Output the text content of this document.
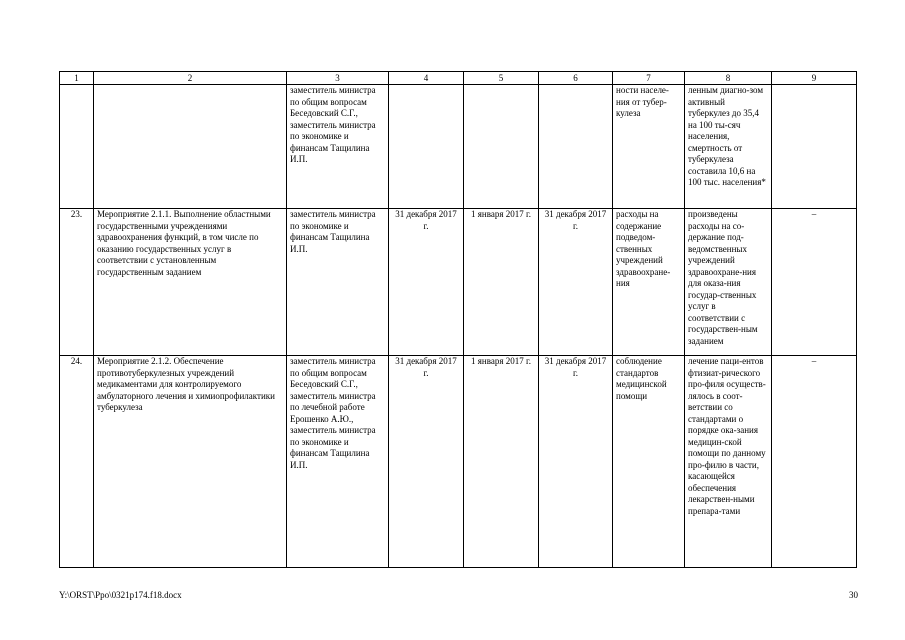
1	2	3	4	5	6	7	8	9
		заместитель министра по общим вопросам Беседовский С.Г., заместитель министра по экономике и финансам Тащилина И.П.				ности населе-ния от тубер-кулеза	ленным диагно-зом активный туберкулез до 35,4 на 100 ты-сяч населения, смертность от туберкулеза составила 10,6 на 100 тыс. населения*	
23.	Мероприятие 2.1.1. Выполнение областными государственными учреждениями здравоохранения функций, в том числе по оказанию государственных услуг в соответствии с установленным государственным заданием	заместитель министра по экономике и финансам Тащилина И.П.	31 декабря 2017 г.	1 января 2017 г.	31 декабря 2017 г.	расходы на содержание подведом-ственных учреждений здравоохране-ния	произведены расходы на со-держание под-ведомственных учреждений здравоохране-ния для оказа-ния государ-ственных услуг в соответствии с государствен-ным заданием	–
24.	Мероприятие 2.1.2. Обеспечение противотуберкулезных учреждений медикаментами для контролируемого амбулаторного лечения и химиопрофилактики туберкулеза	заместитель министра по общим вопросам Беседовский С.Г., заместитель министра по лечебной работе Ерошенко А.Ю., заместитель министра по экономике и финансам Тащилина И.П.	31 декабря 2017 г.	1 января 2017 г.	31 декабря 2017 г.	соблюдение стандартов медицинской помощи	лечение паци-ентов фтизиат-рического про-филя осуществ-лялось в соот-ветствии со стандартами о порядке ока-зания медицин-ской помощи по данному про-филю в части, касающейся обеспечения лекарствен-ными препара-тами	–
Y:\ORST\Ppo\0321p174.f18.docx	30
